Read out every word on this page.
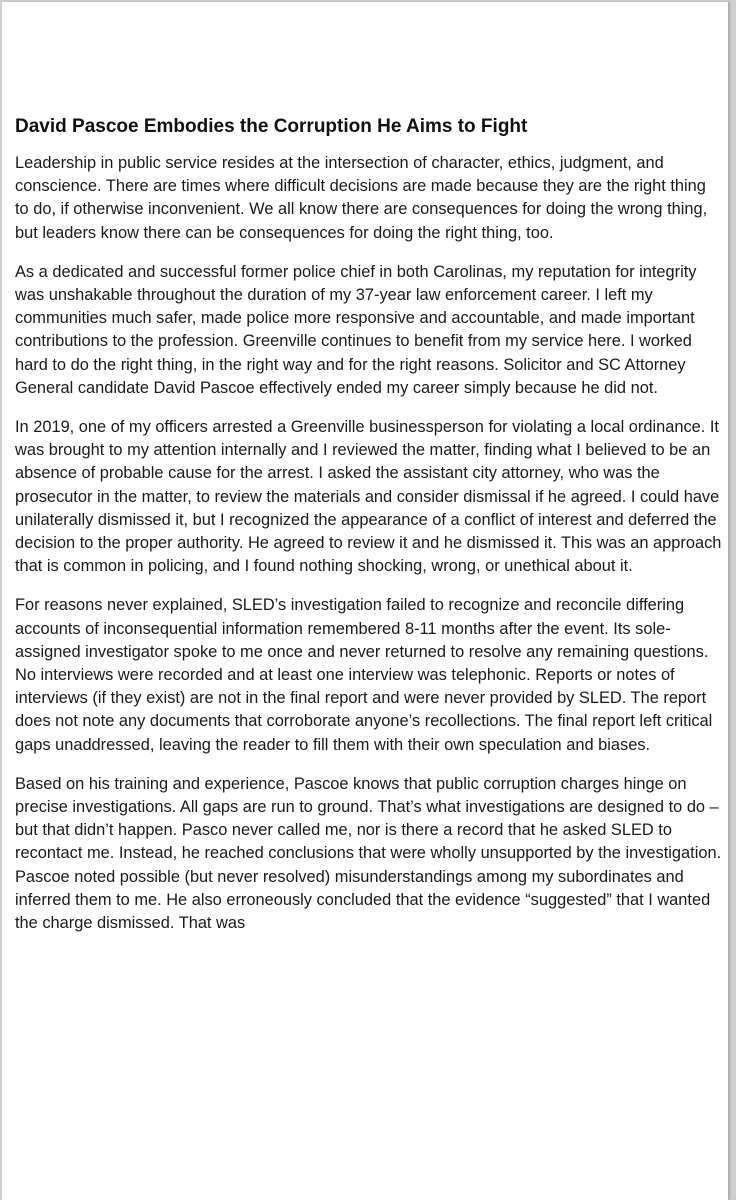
David Pascoe Embodies the Corruption He Aims to Fight

Leadership in public service resides at the intersection of character, ethics, judgment, and conscience. There are times where difficult decisions are made because they are the right thing to do, if otherwise inconvenient. We all know there are consequences for doing the wrong thing, but leaders know there can be consequences for doing the right thing, too.

As a dedicated and successful former police chief in both Carolinas, my reputation for integrity was unshakable throughout the duration of my 37-year law enforcement career. I left my communities much safer, made police more responsive and accountable, and made important contributions to the profession. Greenville continues to benefit from my service here. I worked hard to do the right thing, in the right way and for the right reasons. Solicitor and SC Attorney General candidate David Pascoe effectively ended my career simply because he did not.

In 2019, one of my officers arrested a Greenville businessperson for violating a local ordinance. It was brought to my attention internally and I reviewed the matter, finding what I believed to be an absence of probable cause for the arrest. I asked the assistant city attorney, who was the prosecutor in the matter, to review the materials and consider dismissal if he agreed. I could have unilaterally dismissed it, but I recognized the appearance of a conflict of interest and deferred the decision to the proper authority. He agreed to review it and he dismissed it. This was an approach that is common in policing, and I found nothing shocking, wrong, or unethical about it.

For reasons never explained, SLED’s investigation failed to recognize and reconcile differing accounts of inconsequential information remembered 8-11 months after the event. Its sole-assigned investigator spoke to me once and never returned to resolve any remaining questions. No interviews were recorded and at least one interview was telephonic. Reports or notes of interviews (if they exist) are not in the final report and were never provided by SLED. The report does not note any documents that corroborate anyone’s recollections. The final report left critical gaps unaddressed, leaving the reader to fill them with their own speculation and biases.

Based on his training and experience, Pascoe knows that public corruption charges hinge on precise investigations. All gaps are run to ground. That’s what investigations are designed to do – but that didn’t happen. Pasco never called me, nor is there a record that he asked SLED to recontact me. Instead, he reached conclusions that were wholly unsupported by the investigation. Pascoe noted possible (but never resolved) misunderstandings among my subordinates and inferred them to me. He also erroneously concluded that the evidence “suggested” that I wanted the charge dismissed. That was
